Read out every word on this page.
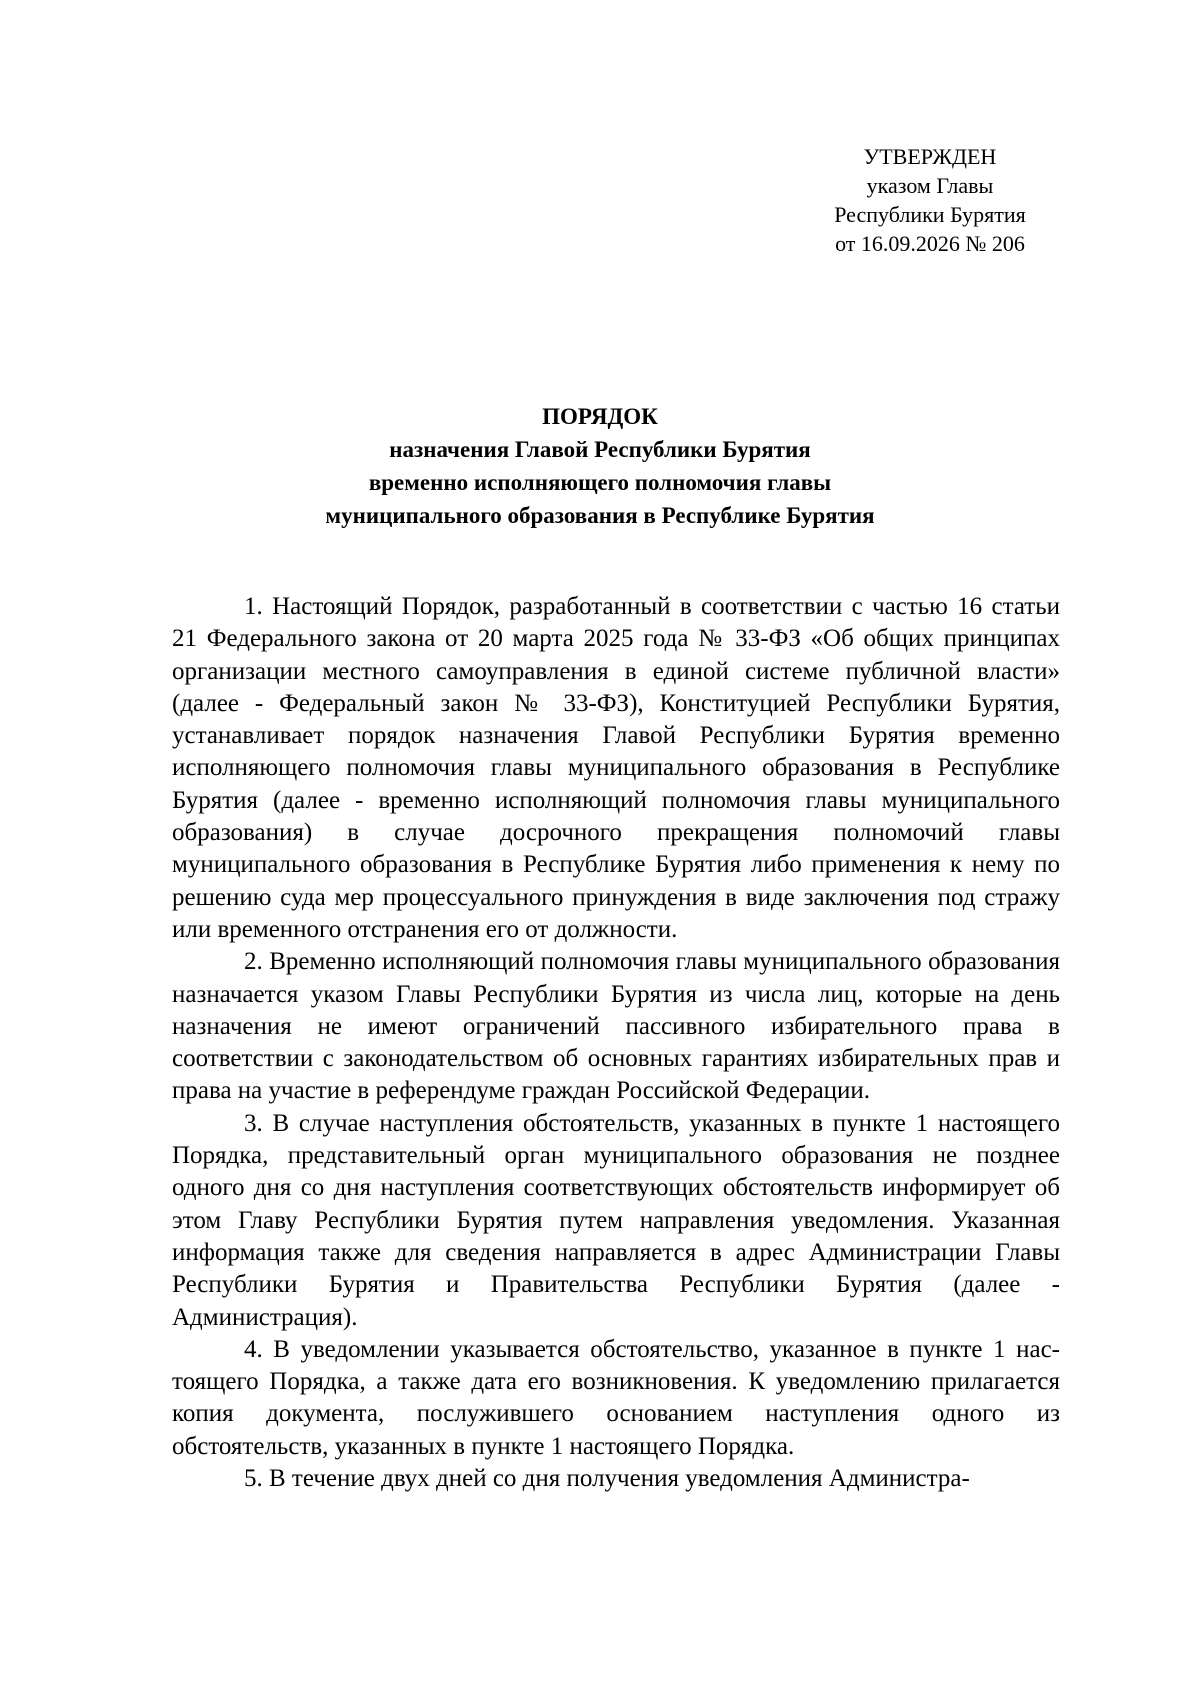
УТВЕРЖДЕН
указом Главы
Республики Бурятия
от 16.09.2026 № 206
ПОРЯДОК
назначения Главой Республики Бурятия
временно исполняющего полномочия главы
муниципального образования в Республике Бурятия

1. Настоящий Порядок, разработанный в соответствии с частью 16 статьи 21 Федерального закона от 20 марта 2025 года № 33-ФЗ «Об общих принципах организации местного самоуправления в единой системе публичной власти» (далее - Федеральный закон № 33-ФЗ), Конституцией Республики Бурятия, устанавливает порядок назначения Главой Республики Бурятия временно исполняющего полномочия главы муниципального образования в Республике Бурятия (далее - временно исполняющий полномочия главы муниципального образования) в случае досрочного прекращения полномочий главы муниципального образования в Республике Бурятия либо применения к нему по решению суда мер процессуального принуждения в виде заключения под стражу или временного отстранения его от должности.

2. Временно исполняющий полномочия главы муниципального образования назначается указом Главы Республики Бурятия из числа лиц, которые на день назначения не имеют ограничений пассивного избирательного права в соответствии с законодательством об основных гарантиях избирательных прав и права на участие в референдуме граждан Российской Федерации.

3. В случае наступления обстоятельств, указанных в пункте 1 настоящего Порядка, представительный орган муниципального образования не позднее одного дня со дня наступления соответствующих обстоятельств информирует об этом Главу Республики Бурятия путем направления уведомления. Указанная информация также для сведения направляется в адрес Администрации Главы Республики Бурятия и Правительства Республики Бурятия (далее - Администрация).

4. В уведомлении указывается обстоятельство, указанное в пункте 1 настоящего Порядка, а также дата его возникновения. К уведомлению прилагается копия документа, послужившего основанием наступления одного из обстоятельств, указанных в пункте 1 настоящего Порядка.

5. В течение двух дней со дня получения уведомления Администра-
